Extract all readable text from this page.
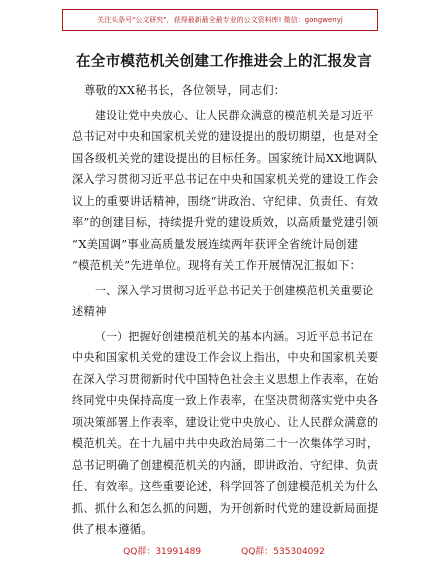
关注头条号"公文研究"，获得最新最全最专业的公文资料库! 微信：gongwenyj
在全市模范机关创建工作推进会上的汇报发言
尊敬的XX秘书长，各位领导，同志们：
建设让党中央放心、让人民群众满意的模范机关是习近平
总书记对中央和国家机关党的建设提出的殷切期望，也是对全
国各级机关党的建设提出的目标任务。国家统计局XX地调队
深入学习贯彻习近平总书记在中央和国家机关党的建设工作会
议上的重要讲话精神，围绕“讲政治、守纪律、负责任、有效
率”的创建目标，持续提升党的建设质效，以高质量党建引领
“X美国调”事业高质量发展连续两年获评全省统计局创建
“模范机关”先进单位。现将有关工作开展情况汇报如下：
一、深入学习贯彻习近平总书记关于创建模范机关重要论
述精神
（一）把握好创建模范机关的基本内涵。习近平总书记在
中央和国家机关党的建设工作会议上指出，中央和国家机关要
在深入学习贯彻新时代中国特色社会主义思想上作表率，在始
终同党中央保持高度一致上作表率，在坚决贯彻落实党中央各
项决策部署上作表率，建设让党中央放心、让人民群众满意的
模范机关。在十九届中共中央政治局第二十一次集体学习时，
总书记明确了创建模范机关的内涵，即讲政治、守纪律、负责
任、有效率。这些重要论述，科学回答了创建模范机关为什么
抓、抓什么和怎么抓的问题，为开创新时代党的建设新局面提
供了根本遵循。
QQ群：31991489	QQ群：535304092
